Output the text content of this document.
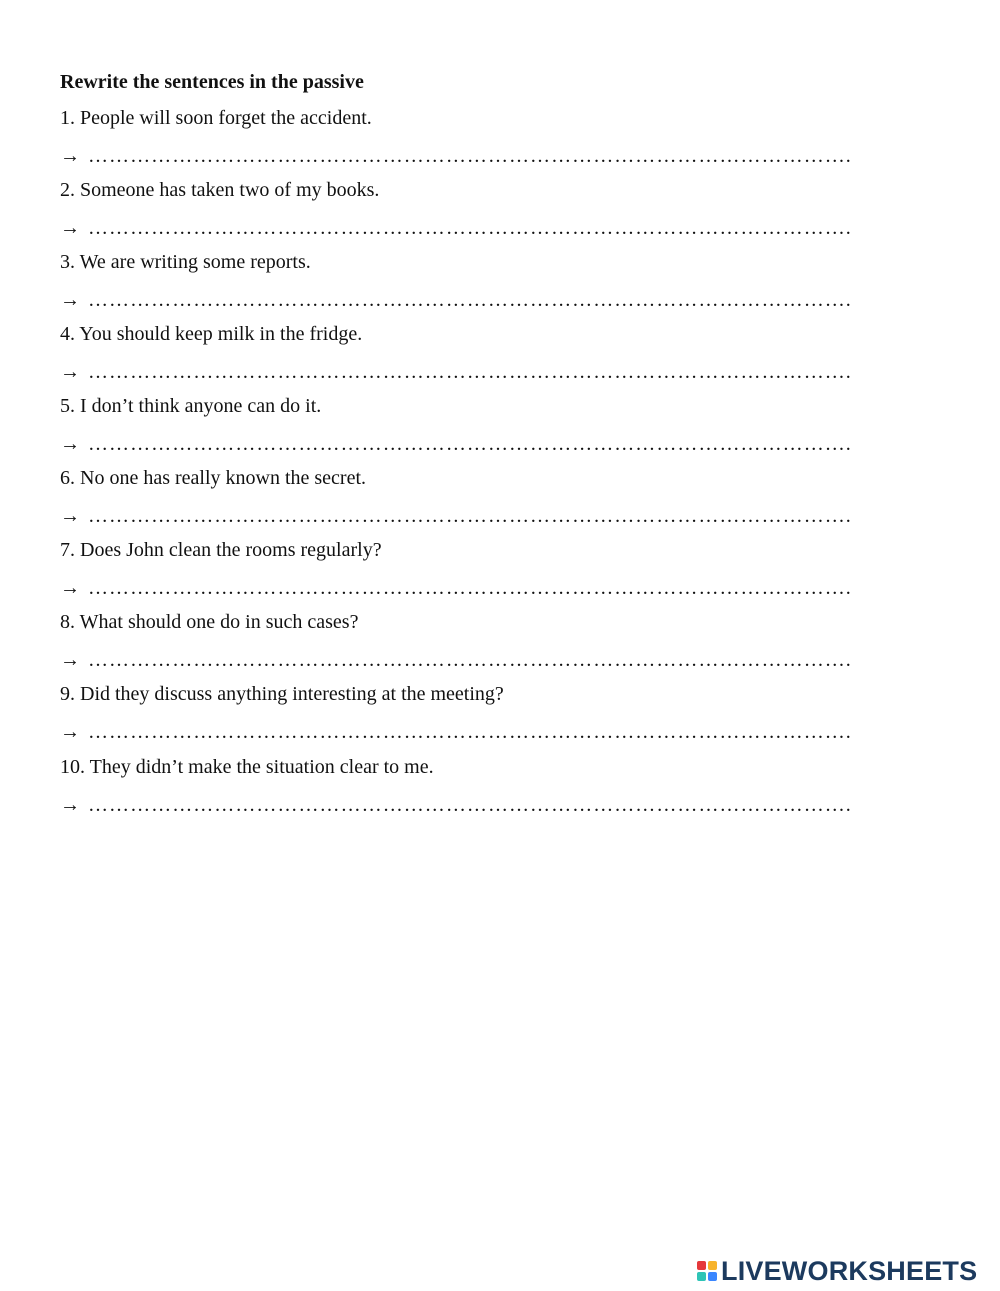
Rewrite the sentences in the passive
1. People will soon forget the accident.
→ ……………………………………………………………………………………………….
2. Someone has taken two of my books.
→ ……………………………………………………………………………………………….
3. We are writing some reports.
→ ……………………………………………………………………………………………….
4. You should keep milk in the fridge.
→ ……………………………………………………………………………………………….
5. I don’t think anyone can do it.
→ ……………………………………………………………………………………………….
6. No one has really known the secret.
→ ……………………………………………………………………………………………….
7. Does John clean the rooms regularly?
→ ……………………………………………………………………………………………….
8. What should one do in such cases?
→ ……………………………………………………………………………………………….
9. Did they discuss anything interesting at the meeting?
→ ……………………………………………………………………………………………….
10. They didn’t make the situation clear to me.
→ ……………………………………………………………………………………………….
LIVEWORKSHEETS
